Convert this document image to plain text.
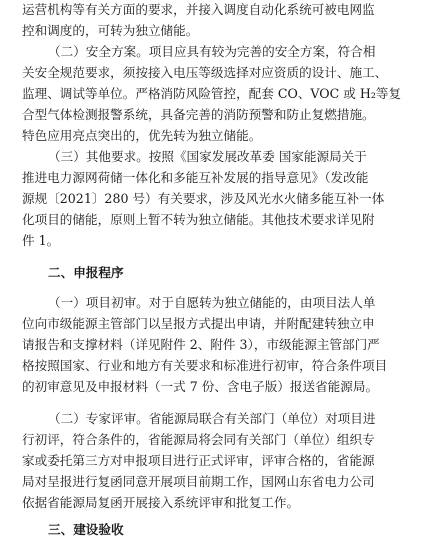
运营机构等有关方面的要求，并接入调度自动化系统可被电网监
控和调度的，可转为独立储能。
（二）安全方案。项目应具有较为完善的安全方案，符合相
关安全规范要求，须按接入电压等级选择对应资质的设计、施工、
监理、调试等单位。严格消防风险管控，配套 CO、VOC 或 H₂等复
合型气体检测报警系统，具备完善的消防预警和防止复燃措施。
特色应用亮点突出的，优先转为独立储能。
（三）其他要求。按照《国家发展改革委 国家能源局关于
推进电力源网荷储一体化和多能互补发展的指导意见》（发改能
源规〔2021〕280 号）有关要求，涉及风光水火储多能互补一体
化项目的储能，原则上暂不转为独立储能。其他技术要求详见附
件 1。
二、申报程序
（一）项目初审。对于自愿转为独立储能的，由项目法人单
位向市级能源主管部门以呈报方式提出申请，并附配建转独立申
请报告和支撑材料（详见附件 2、附件 3），市级能源主管部门严
格按照国家、行业和地方有关要求和标准进行初审，符合条件项目
的初审意见及申报材料（一式 7 份、含电子版）报送省能源局。
（二）专家评审。省能源局联合有关部门（单位）对项目进
行初评，符合条件的，省能源局将会同有关部门（单位）组织专
家或委托第三方对申报项目进行正式评审，评审合格的，省能源
局对呈报进行复函同意开展项目前期工作，国网山东省电力公司
依据省能源局复函开展接入系统评审和批复工作。
三、建设验收
